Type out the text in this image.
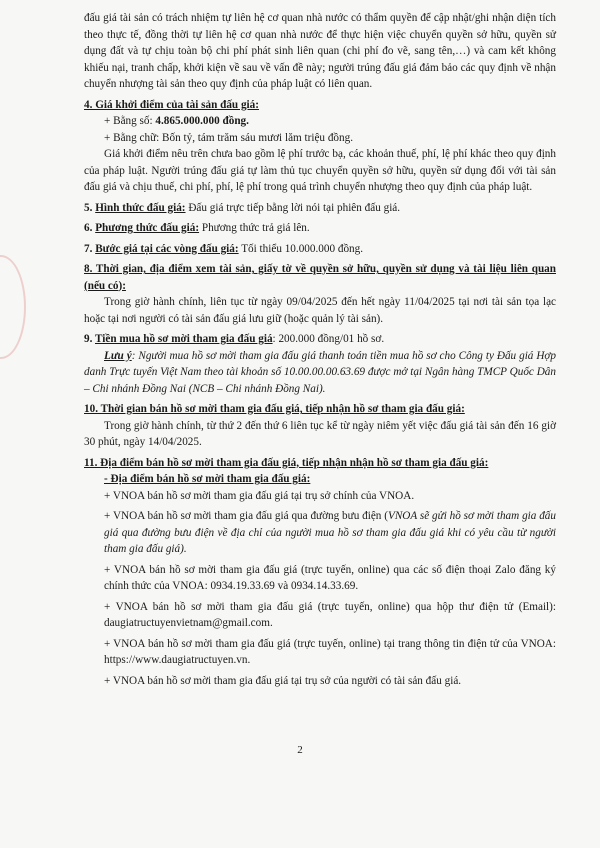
đấu giá tài sản có trách nhiệm tự liên hệ cơ quan nhà nước có thẩm quyền để cập nhật/ghi nhận diện tích theo thực tế, đồng thời tự liên hệ cơ quan nhà nước để thực hiện việc chuyển quyền sở hữu, quyền sử dụng đất và tự chịu toàn bộ chi phí phát sinh liên quan (chi phí đo vẽ, sang tên,…) và cam kết không khiếu nại, tranh chấp, khởi kiện về sau về vấn đề này; người trúng đấu giá đảm bảo các quy định về nhận chuyển nhượng tài sản theo quy định của pháp luật có liên quan.

4. Giá khởi điểm của tài sản đấu giá:

+ Bằng số: 4.865.000.000 đồng.

+ Bằng chữ: Bốn tỷ, tám trăm sáu mươi lăm triệu đồng.

Giá khởi điểm nêu trên chưa bao gồm lệ phí trước bạ, các khoản thuế, phí, lệ phí khác theo quy định của pháp luật. Người trúng đấu giá tự làm thủ tục chuyển quyền sở hữu, quyền sử dụng đối với tài sản đấu giá và chịu thuế, chi phí, phí, lệ phí trong quá trình chuyển nhượng theo quy định của pháp luật.

5. Hình thức đấu giá: Đấu giá trực tiếp bằng lời nói tại phiên đấu giá.

6. Phương thức đấu giá: Phương thức trả giá lên.

7. Bước giá tại các vòng đấu giá: Tối thiểu 10.000.000 đồng.

8. Thời gian, địa điểm xem tài sản, giấy tờ về quyền sở hữu, quyền sử dụng và tài liệu liên quan (nếu có):

Trong giờ hành chính, liên tục từ ngày 09/04/2025 đến hết ngày 11/04/2025 tại nơi tài sản tọa lạc hoặc tại nơi người có tài sản đấu giá lưu giữ (hoặc quản lý tài sản).

9. Tiền mua hồ sơ mời tham gia đấu giá: 200.000 đồng/01 hồ sơ.

Lưu ý: Người mua hồ sơ mời tham gia đấu giá thanh toán tiền mua hồ sơ cho Công ty Đấu giá Hợp danh Trực tuyến Việt Nam theo tài khoản số 10.00.00.00.63.69 được mở tại Ngân hàng TMCP Quốc Dân – Chi nhánh Đồng Nai (NCB – Chi nhánh Đồng Nai).

10. Thời gian bán hồ sơ mời tham gia đấu giá, tiếp nhận hồ sơ tham gia đấu giá:

Trong giờ hành chính, từ thứ 2 đến thứ 6 liên tục kể từ ngày niêm yết việc đấu giá tài sản đến 16 giờ 30 phút, ngày 14/04/2025.

11. Địa điểm bán hồ sơ mời tham gia đấu giá, tiếp nhận nhận hồ sơ tham gia đấu giá:

- Địa điểm bán hồ sơ mời tham gia đấu giá:

+ VNOA bán hồ sơ mời tham gia đấu giá tại trụ sở chính của VNOA.

+ VNOA bán hồ sơ mời tham gia đấu giá qua đường bưu điện (VNOA sẽ gửi hồ sơ mời tham gia đấu giá qua đường bưu điện về địa chỉ của người mua hồ sơ tham gia đấu giá khi có yêu cầu từ người tham gia đấu giá).

+ VNOA bán hồ sơ mời tham gia đấu giá (trực tuyến, online) qua các số điện thoại Zalo đăng ký chính thức của VNOA: 0934.19.33.69 và 0934.14.33.69.

+ VNOA bán hồ sơ mời tham gia đấu giá (trực tuyến, online) qua hộp thư điện tử (Email): daugiatructuyenvietnam@gmail.com.

+ VNOA bán hồ sơ mời tham gia đấu giá (trực tuyến, online) tại trang thông tin điện tử của VNOA: https://www.daugiatructuyen.vn.

+ VNOA bán hồ sơ mời tham gia đấu giá tại trụ sở của người có tài sản đấu giá.

2
